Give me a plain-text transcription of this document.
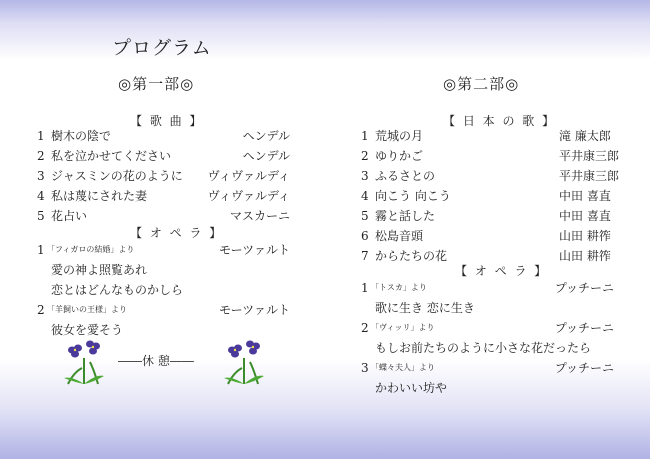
プログラム
◎第一部◎	◎第二部◎
【 歌 曲 】
1 樹木の陰で	ヘンデル
2 私を泣かせてください	ヘンデル
3 ジャスミンの花のように ヴィヴァルディ
4 私は蔑にされた妻	ヴィヴァルディ
5 花占い	マスカーニ
【 オ ペ ラ 】
1 「フィガロの結婚」より	モーツァルト
愛の神よ照覧あれ
恋とはどんなものかしら
2 「羊飼いの王様」より	モーツァルト
彼女を愛そう
――休 憩――
【 日 本 の 歌 】
1 荒城の月	滝 廉太郎
2 ゆりかご	平井康三郎
3 ふるさとの	平井康三郎
4 向こう 向こう	中田 喜直
5 霧と話した	中田 喜直
6 松島音頭	山田 耕筰
7 からたちの花	山田 耕筰
【 オ ペ ラ 】
1 「トスカ」より	プッチーニ
歌に生き 恋に生き
2 「ヴィッリ」より	プッチーニ
もしお前たちのように小さな花だったら
3 「蝶々夫人」より	プッチーニ
かわいい坊や
